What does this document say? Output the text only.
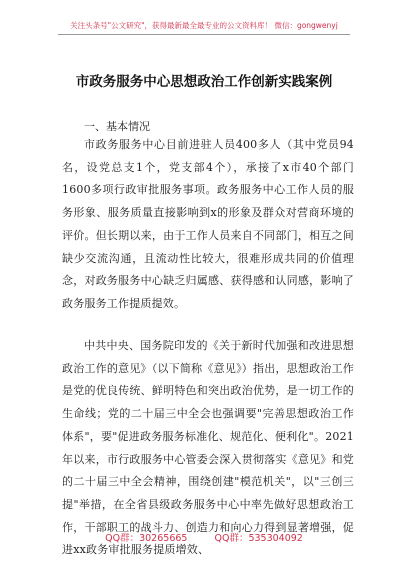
关注头条号"公文研究"，获得最新最全最专业的公文资料库！ 微信：gongwenyj
市政务服务中心思想政治工作创新实践案例
一、基本情况

市政务服务中心目前进驻人员400多人（其中党员94名，设党总支1个，党支部4个），承接了x市40个部门1600多项行政审批服务事项。政务服务中心工作人员的服务形象、服务质量直接影响到x的形象及群众对营商环境的评价。但长期以来，由于工作人员来自不同部门，相互之间缺少交流沟通，且流动性比较大，很难形成共同的价值理念，对政务服务中心缺乏归属感、获得感和认同感，影响了政务服务工作提质提效。

中共中央、国务院印发的《关于新时代加强和改进思想政治工作的意见》（以下简称《意见》）指出，思想政治工作是党的优良传统、鲜明特色和突出政治优势，是一切工作的生命线；党的二十届三中全会也强调要"完善思想政治工作体系"，要"促进政务服务标准化、规范化、便利化"。2021年以来，市行政服务中心管委会深入贯彻落实《意见》和党的二十届三中全会精神，围绕创建"模范机关"，以"三创三提"举措，在全省县级政务服务中心中率先做好思想政治工作，干部职工的战斗力、创造力和向心力得到显著增强，促进xx政务审批服务提质增效、

QQ群：30265665	QQ群：535304092
